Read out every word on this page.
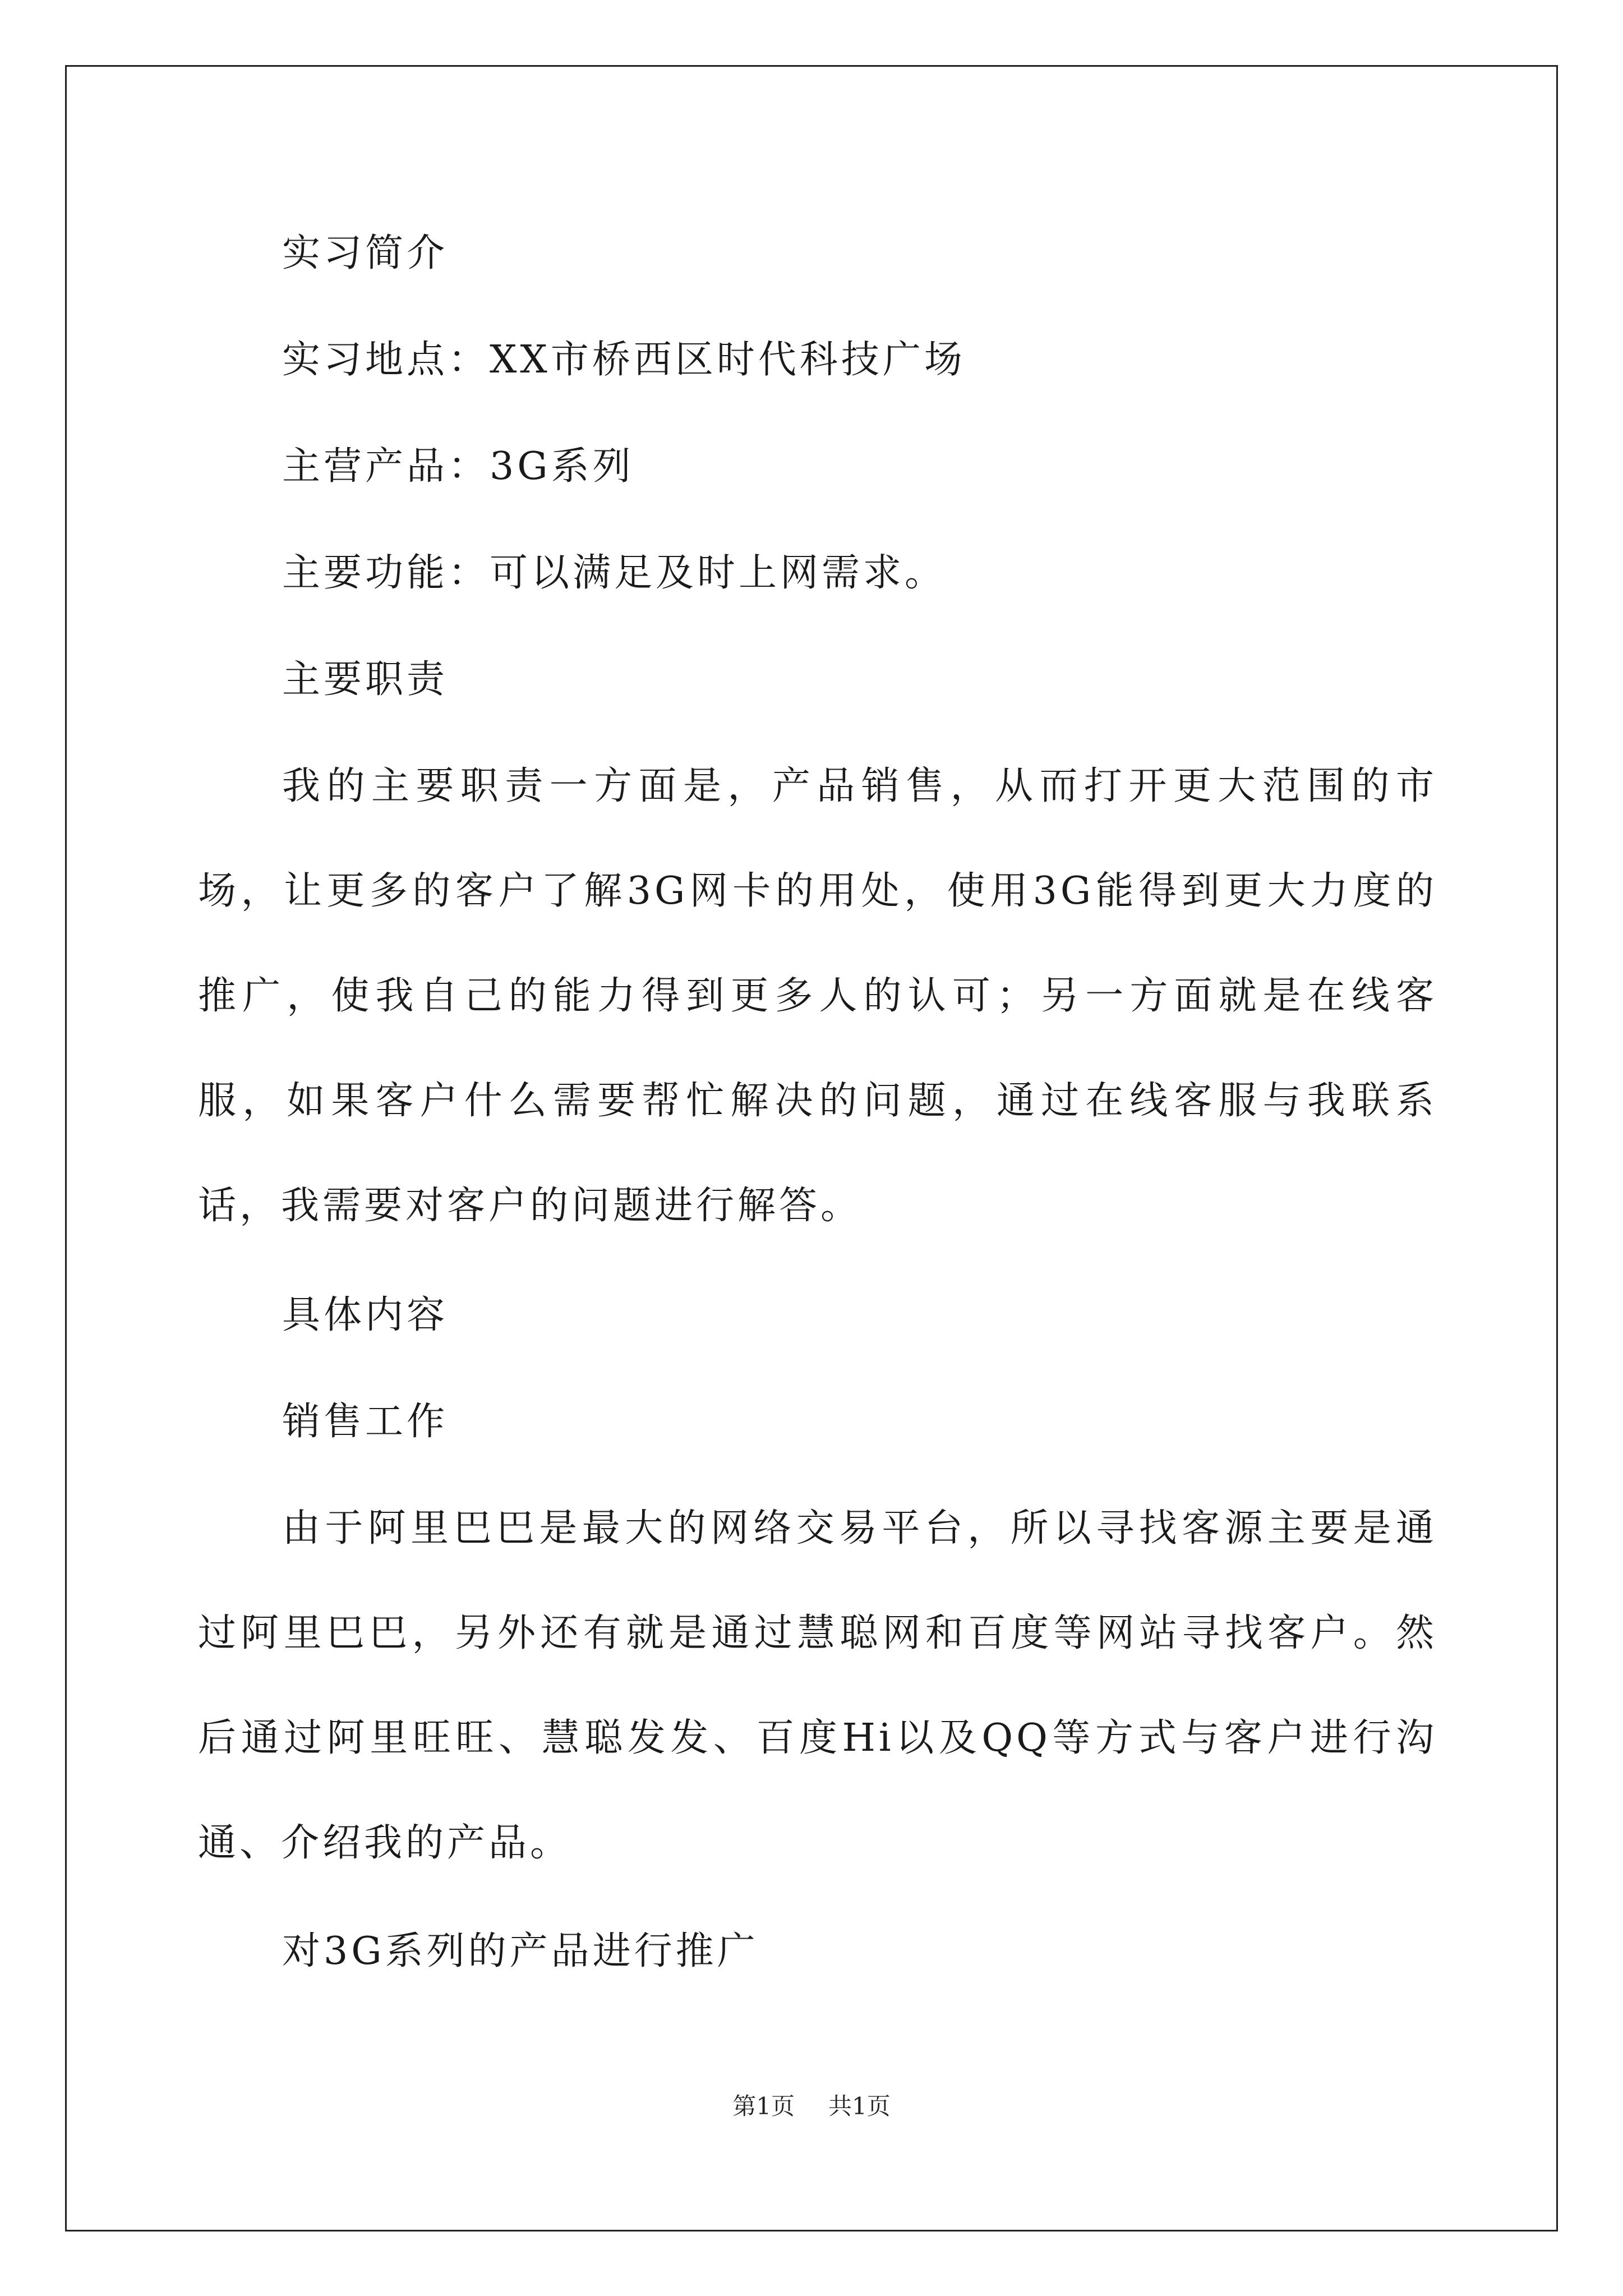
实习简介

实习地点：XX市桥西区时代科技广场

主营产品：3G系列

主要功能：可以满足及时上网需求。

主要职责

我的主要职责一方面是，产品销售，从而打开更大范围的市场，让更多的客户了解3G网卡的用处，使用3G能得到更大力度的推广，使我自己的能力得到更多人的认可；另一方面就是在线客服，如果客户什么需要帮忙解决的问题，通过在线客服与我联系话，我需要对客户的问题进行解答。

具体内容

销售工作

由于阿里巴巴是最大的网络交易平台，所以寻找客源主要是通过阿里巴巴，另外还有就是通过慧聪网和百度等网站寻找客户。然后通过阿里旺旺、慧聪发发、百度Hi以及QQ等方式与客户进行沟通、介绍我的产品。

对3G系列的产品进行推广

第1页 共1页
